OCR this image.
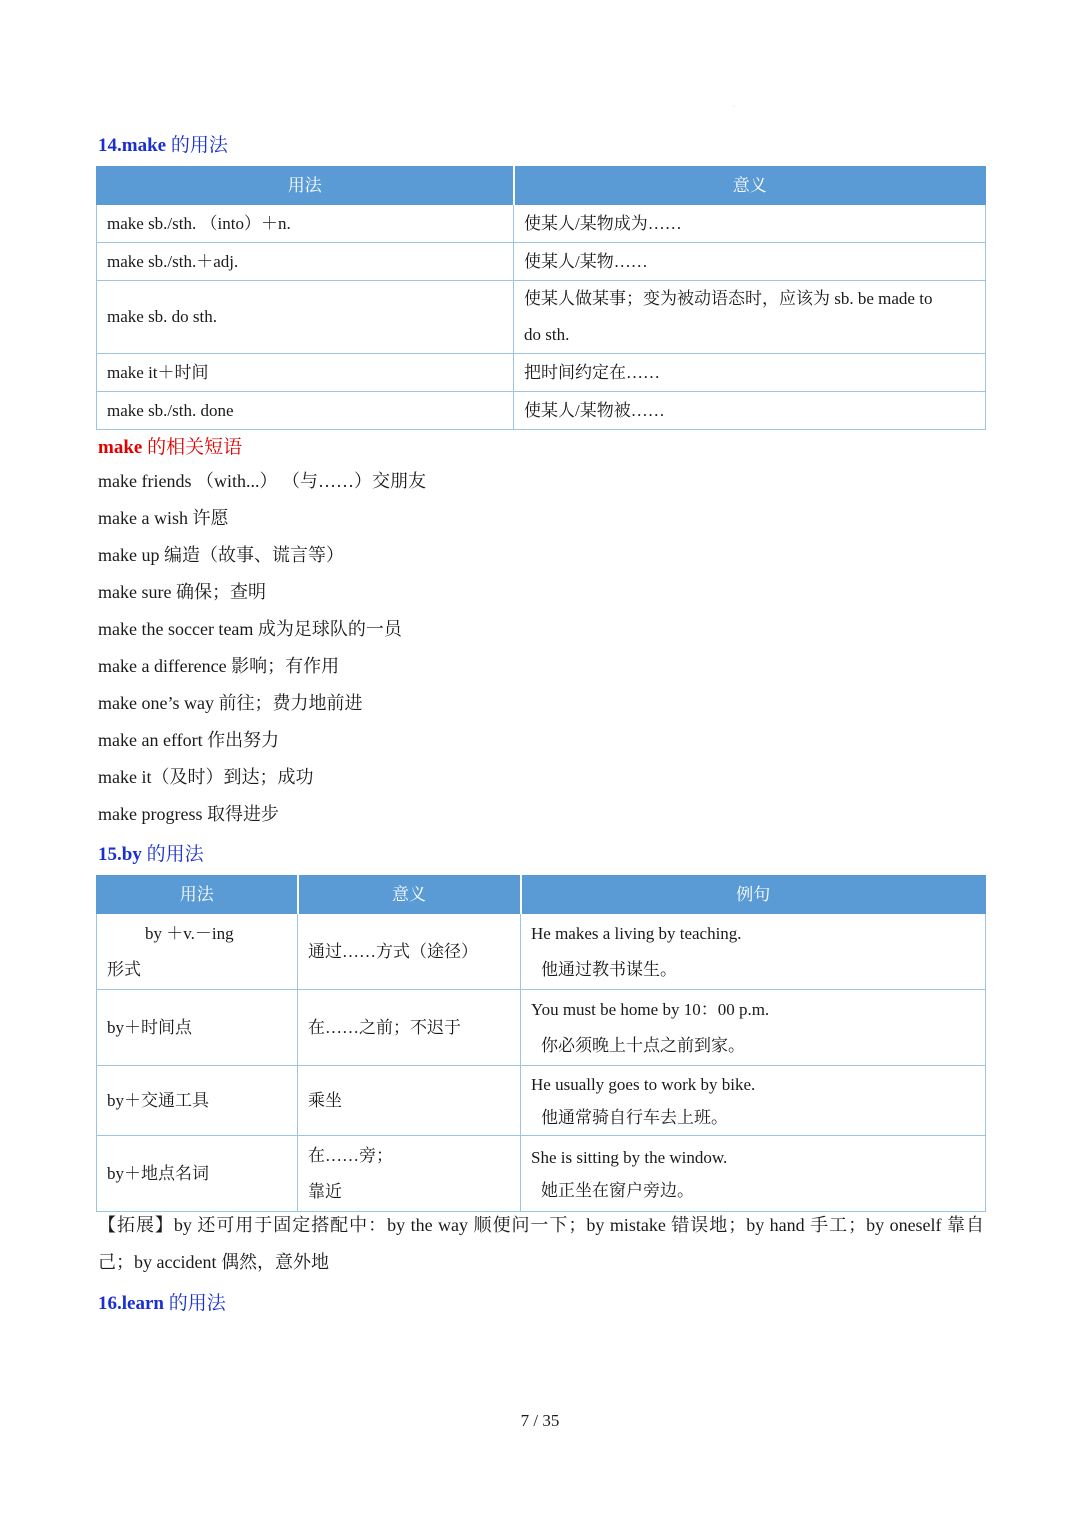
ˈ
14.make 的用法
用法	意义
make sb./sth. （into）＋n.	使某人/某物成为……
make sb./sth.＋adj.	使某人/某物……
make sb. do sth.	使某人做某事；变为被动语态时，应该为 sb. be made to
do sth.

make it＋时间	把时间约定在……
make sb./sth. done	使某人/某物被……
make 的相关短语
make friends （with...） （与……）交朋友
make a wish 许愿
make up 编造（故事、谎言等）
make sure 确保；查明
make the soccer team 成为足球队的一员
make a difference 影响；有作用
make one’s way 前往；费力地前进
make an effort 作出努力
make it（及时）到达；成功
make progress 取得进步
15.by 的用法
用法	意义	例句

by ＋v.－ing
形式	通过……方式（途径）	He makes a living by teaching.
他通过教书谋生。

by＋时间点	在……之前；不迟于	You must be home by 10：00 p.m.
你必须晚上十点之前到家。

by＋交通工具	乘坐	He usually goes to work by bike.
他通常骑自行车去上班。

by＋地点名词	在……旁；
靠近	She is sitting by the window.
她正坐在窗户旁边。
【拓展】by 还可用于固定搭配中：by the way 顺便问一下；by mistake 错误地；by hand 手工；by oneself 靠自己；by accident 偶然，意外地
16.learn 的用法
7 / 35
